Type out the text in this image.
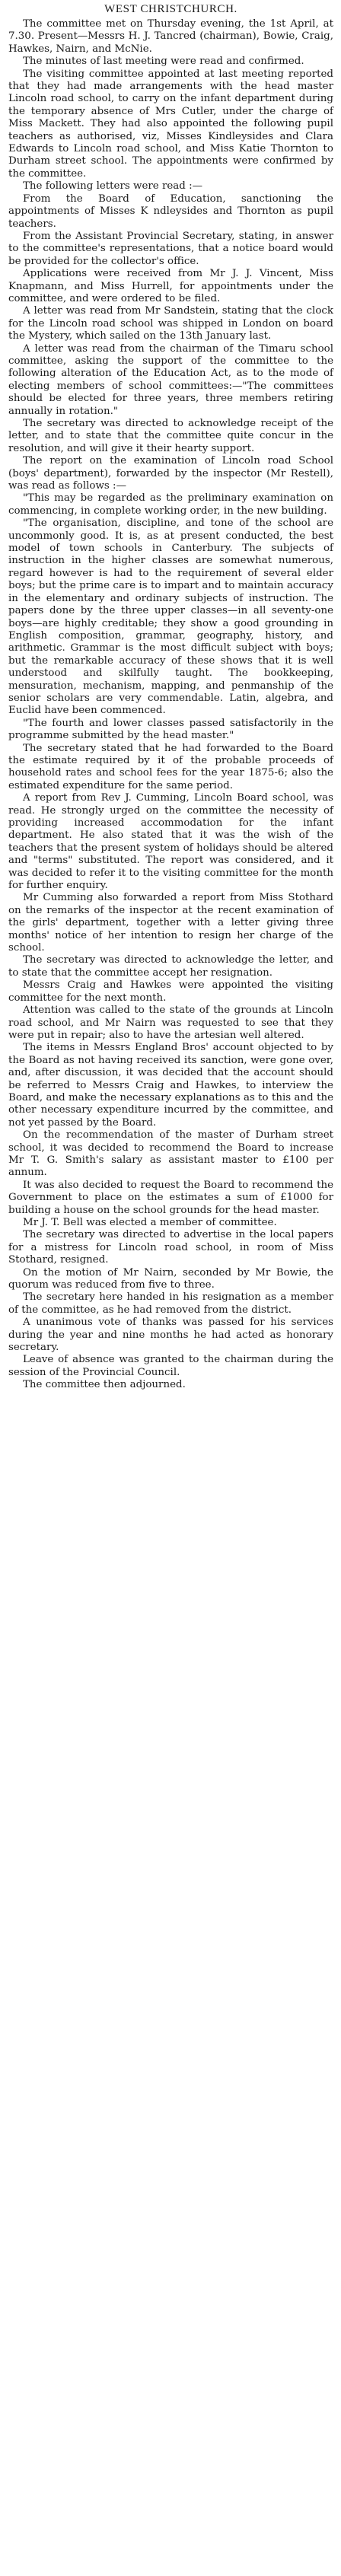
WEST CHRISTCHURCH.

The committee met on Thursday evening, the 1st April, at 7.30. Present—Messrs H. J. Tancred (chairman), Bowie, Craig, Hawkes, Nairn, and McNie.

The minutes of last meeting were read and confirmed.

The visiting committee appointed at last meeting reported that they had made arrangements with the head master Lincoln road school, to carry on the infant department during the temporary absence of Mrs Cutler, under the charge of Miss Mackett. They had also appointed the following pupil teachers as authorised, viz, Misses Kindleysides and Clara Edwards to Lincoln road school, and Miss Katie Thornton to Durham street school. The appointments were confirmed by the committee.

The following letters were read :—

From the Board of Education, sanctioning the appointments of Misses K ndleysides and Thornton as pupil teachers.

From the Assistant Provincial Secretary, stating, in answer to the committee's representations, that a notice board would be provided for the collector's office.

Applications were received from Mr J. J. Vincent, Miss Knapmann, and Miss Hurrell, for appointments under the committee, and were ordered to be filed.

A letter was read from Mr Sandstein, stating that the clock for the Lincoln road school was shipped in London on board the Mystery, which sailed on the 13th January last.

A letter was read from the chairman of the Timaru school committee, asking the support of the committee to the following alteration of the Education Act, as to the mode of electing members of school committees:—"The committees should be elected for three years, three members retiring annually in rotation."

The secretary was directed to acknowledge receipt of the letter, and to state that the committee quite concur in the resolution, and will give it their hearty support.

The report on the examination of Lincoln road School (boys' department), forwarded by the inspector (Mr Restell), was read as follows :—

"This may be regarded as the preliminary examination on commencing, in complete working order, in the new building.

"The organisation, discipline, and tone of the school are uncommonly good. It is, as at present conducted, the best model of town schools in Canterbury. The subjects of instruction in the higher classes are somewhat numerous, regard however is had to the requirement of several elder boys; but the prime care is to impart and to maintain accuracy in the elementary and ordinary subjects of instruction. The papers done by the three upper classes—in all seventy-one boys—are highly creditable; they show a good grounding in English composition, grammar, geography, history, and arithmetic. Grammar is the most difficult subject with boys; but the remarkable accuracy of these shows that it is well understood and skilfully taught. The bookkeeping, mensuration, mechanism, mapping, and penmanship of the senior scholars are very commendable. Latin, algebra, and Euclid have been commenced.

"The fourth and lower classes passed satisfactorily in the programme submitted by the head master."

The secretary stated that he had forwarded to the Board the estimate required by it of the probable proceeds of household rates and school fees for the year 1875-6; also the estimated expenditure for the same period.

A report from Rev J. Cumming, Lincoln Board school, was read. He strongly urged on the committee the necessity of providing increased accommodation for the infant department. He also stated that it was the wish of the teachers that the present system of holidays should be altered and "terms" substituted. The report was considered, and it was decided to refer it to the visiting committee for the month for further enquiry.

Mr Cumming also forwarded a report from Miss Stothard on the remarks of the inspector at the recent examination of the girls' department, together with a letter giving three months' notice of her intention to resign her charge of the school.

The secretary was directed to acknowledge the letter, and to state that the committee accept her resignation.

Messrs Craig and Hawkes were appointed the visiting committee for the next month.

Attention was called to the state of the grounds at Lincoln road school, and Mr Nairn was requested to see that they were put in repair; also to have the artesian well altered.

The items in Messrs England Bros' account objected to by the Board as not having received its sanction, were gone over, and, after discussion, it was decided that the account should be referred to Messrs Craig and Hawkes, to interview the Board, and make the necessary explanations as to this and the other necessary expenditure incurred by the committee, and not yet passed by the Board.

On the recommendation of the master of Durham street school, it was decided to recommend the Board to increase Mr T. G. Smith's salary as assistant master to £100 per annum.

It was also decided to request the Board to recommend the Government to place on the estimates a sum of £1000 for building a house on the school grounds for the head master.

Mr J. T. Bell was elected a member of committee.

The secretary was directed to advertise in the local papers for a mistress for Lincoln road school, in room of Miss Stothard, resigned.

On the motion of Mr Nairn, seconded by Mr Bowie, the quorum was reduced from five to three.

The secretary here handed in his resignation as a member of the committee, as he had removed from the district.

A unanimous vote of thanks was passed for his services during the year and nine months he had acted as honorary secretary.

Leave of absence was granted to the chairman during the session of the Provincial Council.

The committee then adjourned.
